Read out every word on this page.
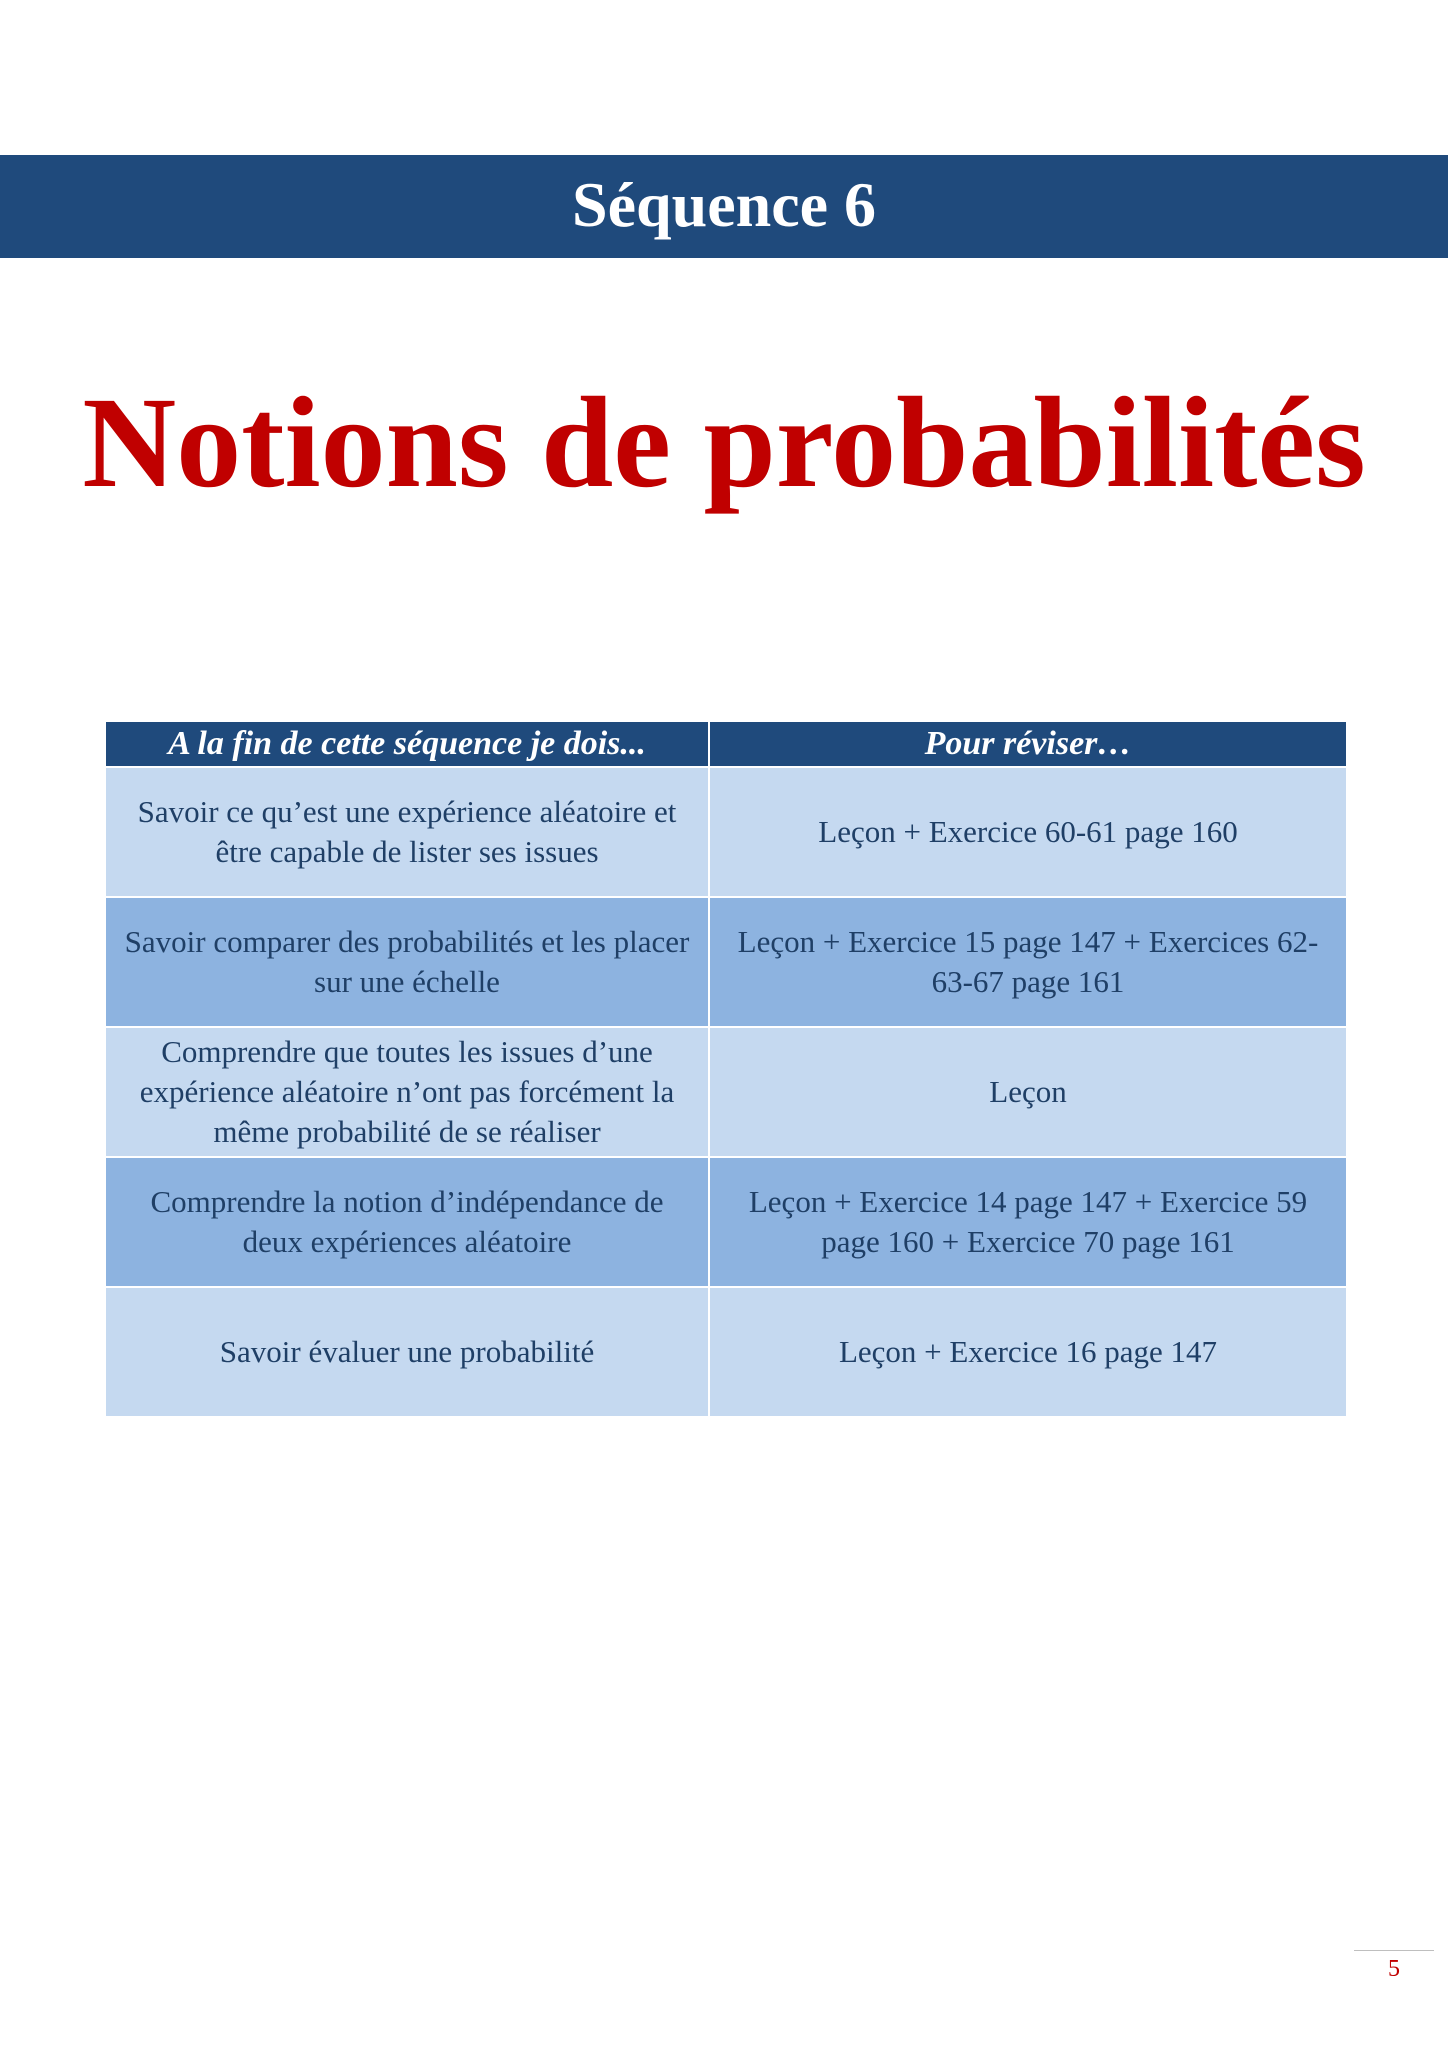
Séquence 6
Notions de probabilités
A la fin de cette séquence je dois...	Pour réviser…
Savoir ce qu’est une expérience aléatoire et être capable de lister ses issues	Leçon + Exercice 60-61 page 160
Savoir comparer des probabilités et les placer sur une échelle	Leçon + Exercice 15 page 147 + Exercices 62-63-67 page 161
Comprendre que toutes les issues d’une expérience aléatoire n’ont pas forcément la même probabilité de se réaliser	Leçon
Comprendre la notion d’indépendance de deux expériences aléatoire	Leçon + Exercice 14 page 147 + Exercice 59 page 160 + Exercice 70 page 161
Savoir évaluer une probabilité	Leçon + Exercice 16 page 147
5
